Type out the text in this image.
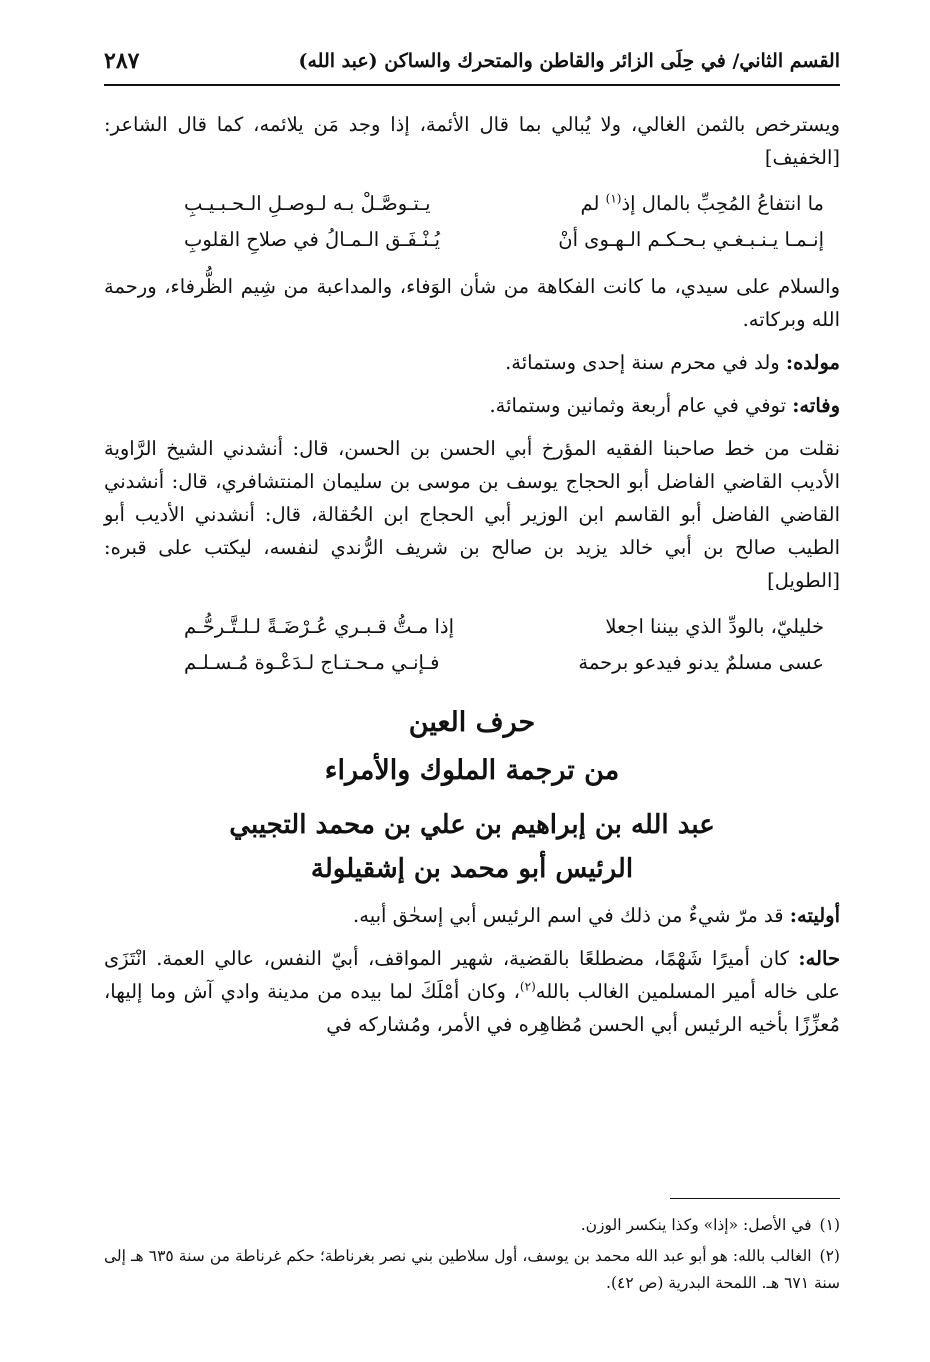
القسم الثاني/ في حِلَى الزائر والقاطن والمتحرك والساكن (عبد الله)
٢٨٧

ويسترخص بالثمن الغالي، ولا يُبالي بما قال الأئمة، إذا وجد مَن يلائمه، كما قال الشاعر: [الخفيف]

ما انتفاعُ المُحِبِّ بالمال إذ$^{(١)}$ لم
يـتـوصَّـلْ بـه لـوصـلِ الـحـبـيـبِ
إنـمـا يـنـبـغـي بـحـكـم الـهـوى أنْ
يُـنْـفَـق الـمـالُ في صلاحِ القلوبِ

والسلام على سيدي، ما كانت الفكاهة من شأن الوَفاء، والمداعبة من شِيم الظُّرفاء، ورحمة الله وبركاته.

مولده: ولد في محرم سنة إحدى وستمائة.

وفاته: توفي في عام أربعة وثمانين وستمائة.

نقلت من خط صاحبنا الفقيه المؤرخ أبي الحسن بن الحسن، قال: أنشدني الشيخ الرَّاوية الأديب القاضي الفاضل أبو الحجاج يوسف بن موسى بن سليمان المنتشافري، قال: أنشدني القاضي الفاضل أبو القاسم ابن الوزير أبي الحجاج ابن الحُقالة، قال: أنشدني الأديب أبو الطيب صالح بن أبي خالد يزيد بن صالح بن شريف الرُّندي لنفسه، ليكتب على قبره: [الطويل]

خليليّ، بالودِّ الذي بيننا اجعلا
إذا مـتُّ قـبـري عُـرْضَـةً لـلـتَّـرحُّـم
عسى مسلمٌ يدنو فيدعو برحمة
فـإنـي مـحـتـاج لـدَعْـوة مُـسـلـم
حرف العين
من ترجمة الملوك والأمراء
عبد الله بن إبراهيم بن علي بن محمد التجيبي
الرئيس أبو محمد بن إشقيلولة

أوليته: قد مرّ شيءٌ من ذلك في اسم الرئيس أبي إسحٰق أبيه.

حاله: كان أميرًا شَهْمًا، مضطلعًا بالقضية، شهير المواقف، أبيّ النفس، عالي العمة. انْتَزَى على خاله أمير المسلمين الغالب بالله$^{(٢)}$، وكان أمْلَكَ لما بيده من مدينة وادي آش وما إليها، مُعزِّزًا بأخيه الرئيس أبي الحسن مُظاهِره في الأمر، ومُشاركه في

(١)في الأصل: «إذا» وكذا ينكسر الوزن.

(٢)الغالب بالله: هو أبو عبد الله محمد بن يوسف، أول سلاطين بني نصر بغرناطة؛ حكم غرناطة من سنة ٦٣٥ هـ إلى سنة ٦٧١ هـ. اللمحة البدرية (ص ٤٢).
